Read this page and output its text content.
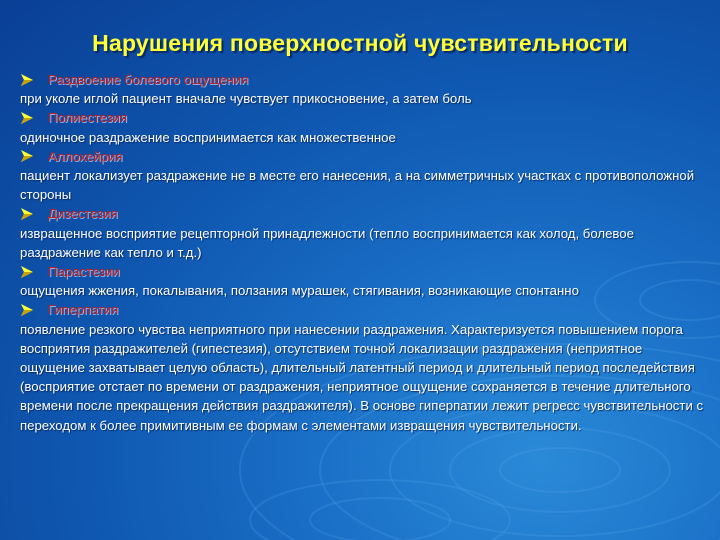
Нарушения поверхностной чувствительности
Раздвоение болевого ощущения
при уколе иглой пациент вначале чувствует прикосновение, а затем боль
Полиестезия
одиночное раздражение воспринимается как множественное
Аллохейрия
пациент локализует раздражение не в месте его нанесения, а на симметричных участках с противоположной стороны
Дизестезия
извращенное восприятие рецепторной принадлежности (тепло воспринимается как холод, болевое раздражение как тепло и т.д.)
Парастезии
ощущения жжения, покалывания, ползания мурашек, стягивания, возникающие спонтанно
Гиперпатия
появление резкого чувства неприятного при нанесении раздражения. Характеризуется повышением порога восприятия раздражителей (гипестезия), отсутствием точной локализации раздражения (неприятное ощущение захватывает целую область), длительный латентный период и длительный период последействия (восприятие отстает по времени от раздражения, неприятное ощущение сохраняется в течение длительного времени после прекращения действия раздражителя). В основе гиперпатии лежит регресс чувствительности с переходом к более примитивным ее формам с элементами извращения чувствительности.
